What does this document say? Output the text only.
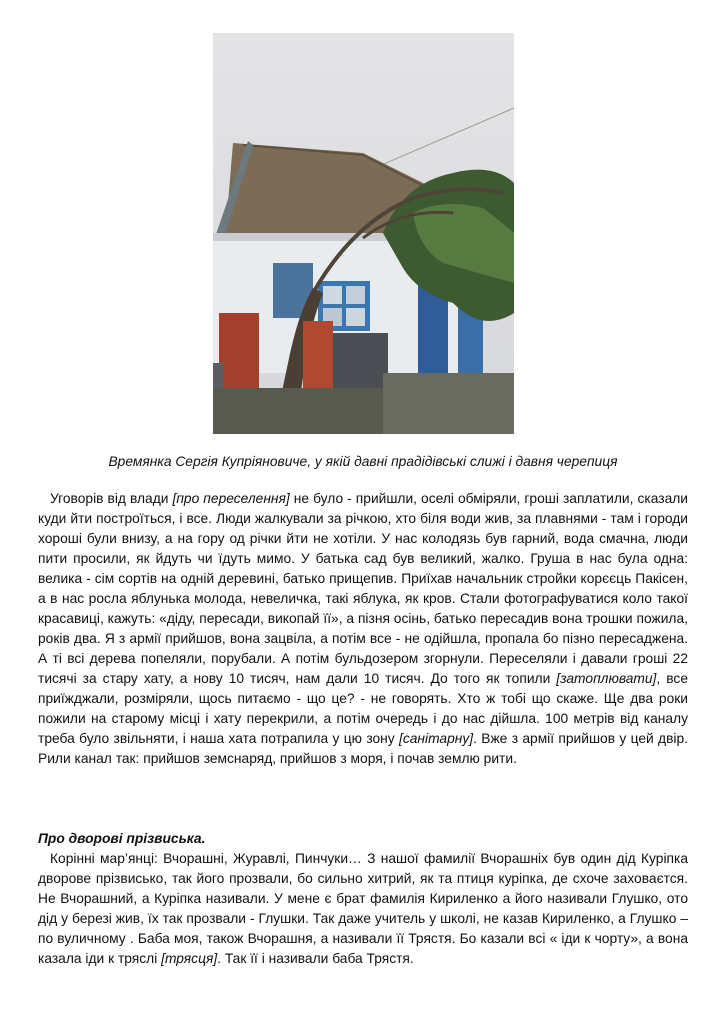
Времянка Сергія Купріяновиче, у якій давні прадідівські слижі і давня черепиця

Уговорів від влади [про переселення] не було - прийшли, оселі обміряли, гроші заплатили, сказали куди йти построїться, і все. Люди жалкували за річкою, хто біля води жив, за плавнями - там і городи хороші були внизу, а на гору од річки йти не хотіли. У нас колодязь був гарний, вода смачна, люди пити просили, як йдуть чи їдуть мимо. У батька сад був великий, жалко. Груша в нас була одна: велика - сім сортів на одній деревині, батько прищепив. Приїхав начальник стройки корєєць Пакісен, а в нас росла яблунька молода, невеличка, такі яблука, як кров. Стали фотографуватися коло такої красавиці, кажуть: «діду, пересади, викопай її», а пізня осінь, батько пересадив вона трошки пожила, років два. Я з армії прийшов, вона зацвіла, а потім все - не одійшла, пропала бо пізно пересаджена. А ті всі дерева попеляли, порубали. А потім бульдозером згорнули. Переселяли і давали гроші 22 тисячі за стару хату, а нову 10 тисяч, нам дали 10 тисяч. До того як топили [затоплювати], все приїжджали, розміряли, щось питаємо - що це? - не говорять. Хто ж тобі що скаже. Ще два роки пожили на старому місці і хату перекрили, а потім очередь і до нас дійшла. 100 метрів від каналу треба було звільняти, і наша хата потрапила у цю зону [санітарну]. Вже з армії прийшов у цей двір. Рили канал так: прийшов земснаряд, прийшов з моря, і почав землю рити.

Про дворові прізвиська.

Корінні мар’янці: Вчорашні, Журавлі, Пинчуки… З нашої фамилії Вчорашніх був один дід Куріпка дворове прізвисько, так його прозвали, бо сильно хитрий, як та птиця куріпка, де схоче заховаєтся. Не Вчорашний, а Куріпка називали. У мене є брат фамилія Кириленко а його називали Глушко, ото дід у березі жив, їх так прозвали - Глушки. Так даже учитель у школі, не казав Кириленко, а Глушко – по вуличному . Баба моя, також Вчорашня, а називали її Трястя. Бо казали всі « іди к чорту», а вона казала іди к тряслі [трясця]. Так її і називали баба Трястя.
